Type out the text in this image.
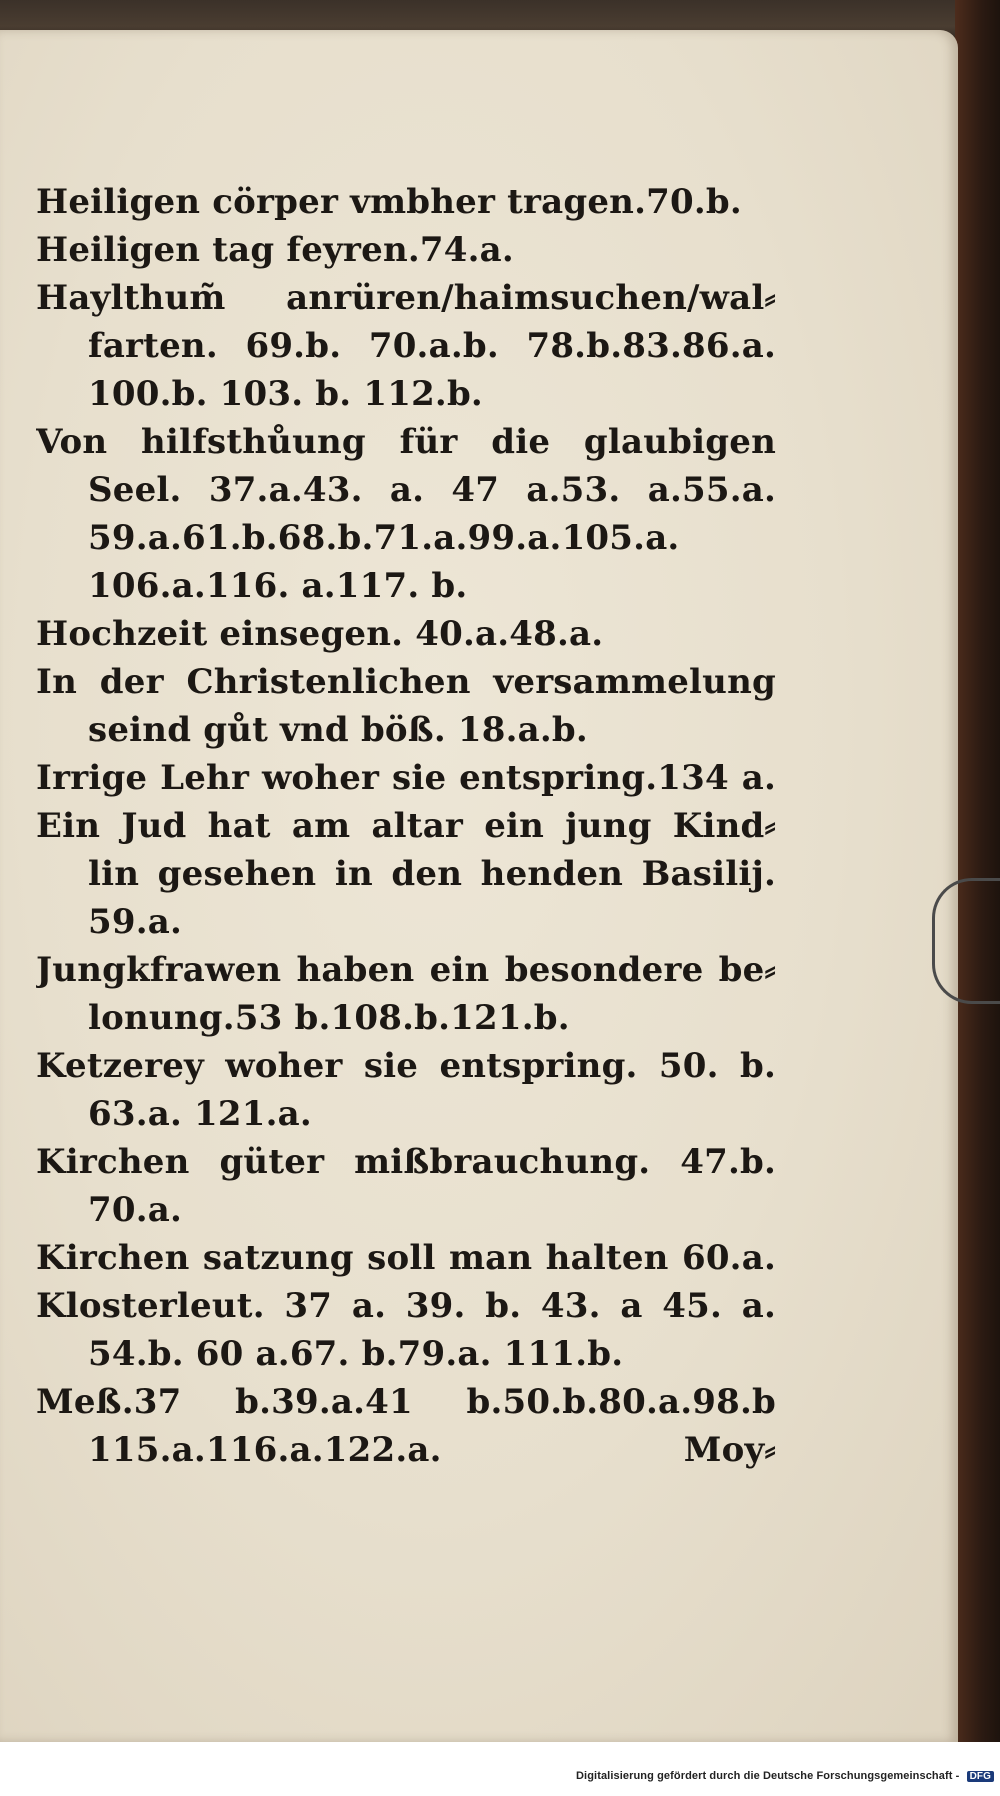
Heiligen cörper vmbher tragen.70.b.
Heiligen tag feyren.74.a.
Haylthum̃ anrüren/haimsuchen/wal⸗
farten. 69.b. 70.a.b. 78.b.83.86.a.
100.b. 103. b. 112.b.
Von hilfsthůung für die glaubigen
Seel. 37.a.43. a. 47 a.53. a.55.a.
59.a.61.b.68.b.71.a.99.a.105.a.
106.a.116. a.117. b.
Hochzeit einsegen. 40.a.48.a.
In der Christenlichen versammelung
seind gůt vnd böß. 18.a.b.
Irrige Lehr woher sie entspring.134 a.
Ein Jud hat am altar ein jung Kind⸗
lin gesehen in den henden Basilij.
59.a.
Jungkfrawen haben ein besondere be⸗
lonung.53 b.108.b.121.b.
Ketzerey woher sie entspring. 50. b.
63.a. 121.a.
Kirchen güter mißbrauchung. 47.b.
70.a.
Kirchen satzung soll man halten 60.a.
Klosterleut. 37 a. 39. b. 43. a 45. a.
54.b. 60 a.67. b.79.a. 111.b.
Meß.37 b.39.a.41 b.50.b.80.a.98.b
115.a.116.a.122.a.	Moy⸗
Digitalisierung gefördert durch die Deutsche Forschungsgemeinschaft - DFG
